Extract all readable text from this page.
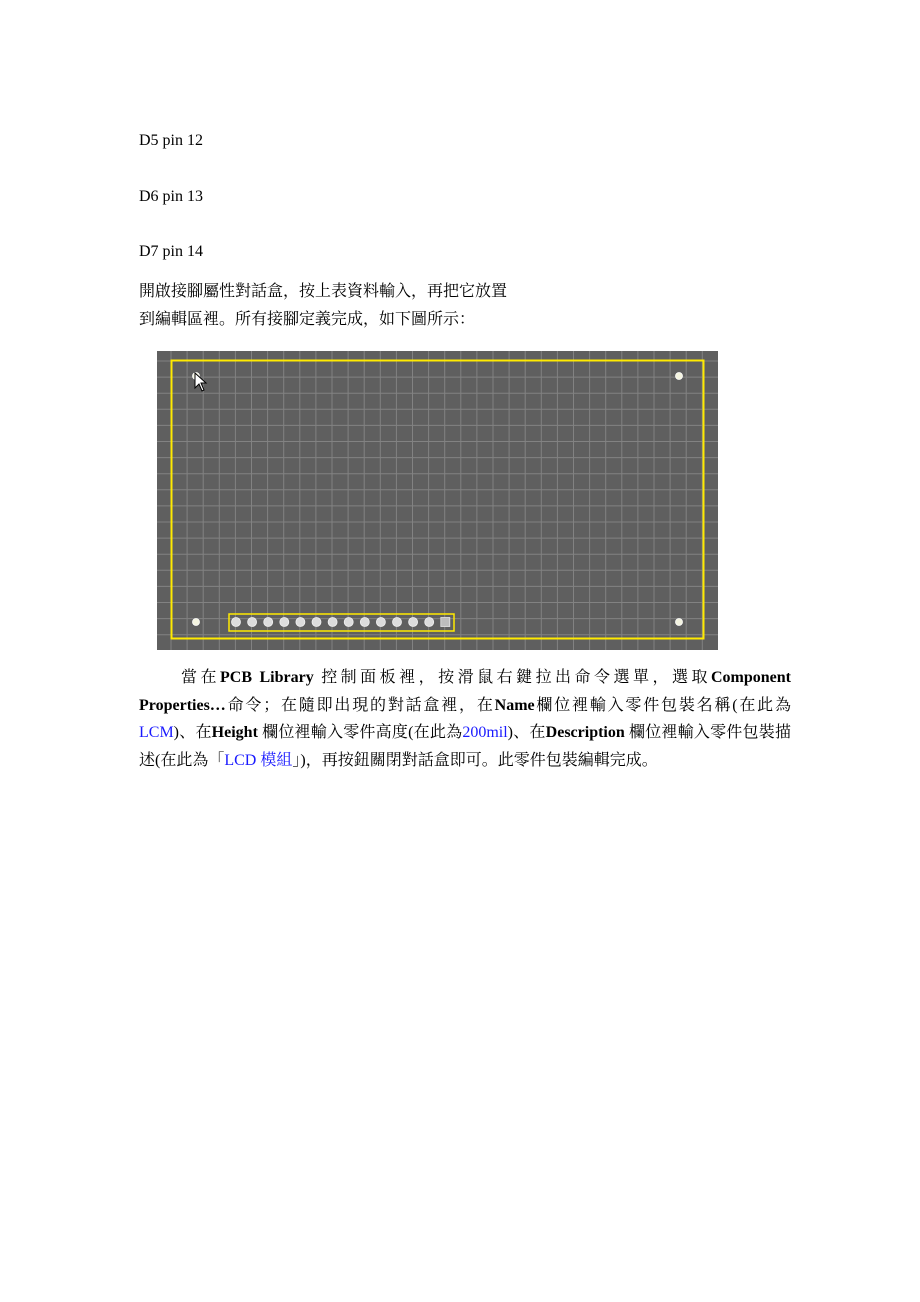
D5 pin 12
D6 pin 13
D7 pin 14
開啟接腳屬性對話盒，按上表資料輸入，再把它放置
到編輯區裡。所有接腳定義完成，如下圖所示：
當在PCB Library 控制面板裡，按滑鼠右鍵拉出命令選單，選取Component Properties…命令；在隨即出現的對話盒裡，在Name欄位裡輸入零件包裝名稱(在此為LCM)、在Height 欄位裡輸入零件高度(在此為200mil)、在Description 欄位裡輸入零件包裝描述(在此為「LCD 模組」)，再按鈕關閉對話盒即可。此零件包裝編輯完成。
